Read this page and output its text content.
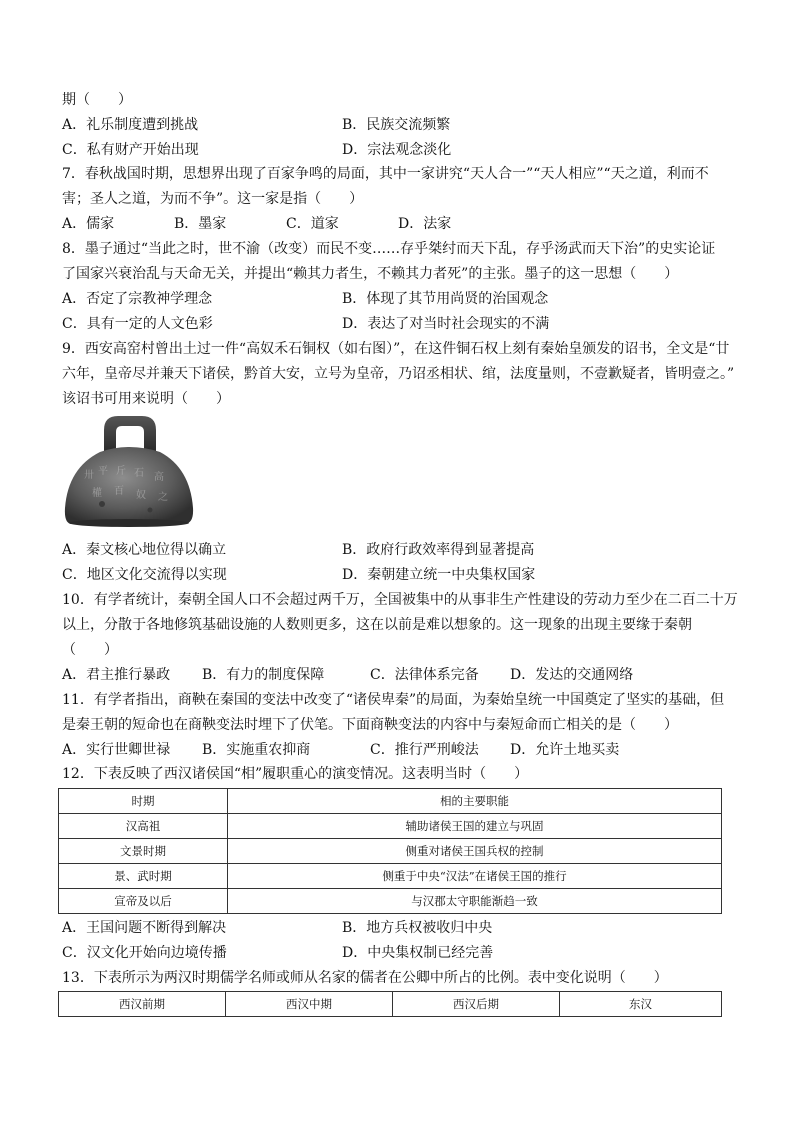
期（　　）
A．礼乐制度遭到挑战	B．民族交流频繁
C．私有财产开始出现	D．宗法观念淡化
7．春秋战国时期，思想界出现了百家争鸣的局面，其中一家讲究“天人合一”“天人相应”“天之道，利而不
害；圣人之道，为而不争”。这一家是指（　　）
A．儒家	B．墨家	C．道家	D．法家
8．墨子通过“当此之时，世不渝（改变）而民不变……存乎桀纣而天下乱，存乎汤武而天下治”的史实论证
了国家兴衰治乱与天命无关，并提出“赖其力者生，不赖其力者死”的主张。墨子的这一思想（　　）
A．否定了宗教神学理念	B．体现了其节用尚贤的治国观念
C．具有一定的人文色彩	D．表达了对当时社会现实的不满
9．西安高窑村曾出土过一件“高奴禾石铜权（如右图）”，在这件铜石权上刻有秦始皇颁发的诏书，全文是“廿
六年，皇帝尽并兼天下诸侯，黔首大安，立号为皇帝，乃诏丞相状、绾，法度量则，不壹歉疑者，皆明壹之。”
该诏书可用来说明（　　）
卅 平 斤 石 高
權 百 奴 之
A．秦文核心地位得以确立	B．政府行政效率得到显著提高
C．地区文化交流得以实现	D．秦朝建立统一中央集权国家
10．有学者统计，秦朝全国人口不会超过两千万，全国被集中的从事非生产性建设的劳动力至少在二百二十万
以上，分散于各地修筑基础设施的人数则更多，这在以前是难以想象的。这一现象的出现主要缘于秦朝
（　　）
A．君主推行暴政 B．有力的制度保障	C．法律体系完备 D．发达的交通网络
11．有学者指出，商鞅在秦国的变法中改变了“诸侯卑秦”的局面，为秦始皇统一中国奠定了坚实的基础，但
是秦王朝的短命也在商鞅变法时埋下了伏笔。下面商鞅变法的内容中与秦短命而亡相关的是（　　）
A．实行世卿世禄 B．实施重农抑商	C．推行严刑峻法 D．允许土地买卖
12．下表反映了西汉诸侯国“相”履职重心的演变情况。这表明当时（　　）
时期	相的主要职能
汉高祖	辅助诸侯王国的建立与巩固
文景时期	侧重对诸侯王国兵权的控制
景、武时期	侧重于中央“汉法”在诸侯王国的推行
宣帝及以后	与汉郡太守职能渐趋一致
A．王国问题不断得到解决	B．地方兵权被收归中央
C．汉文化开始向边境传播	D．中央集权制已经完善
13．下表所示为两汉时期儒学名师或师从名家的儒者在公卿中所占的比例。表中变化说明（　　）
西汉前期	西汉中期	西汉后期	东汉
